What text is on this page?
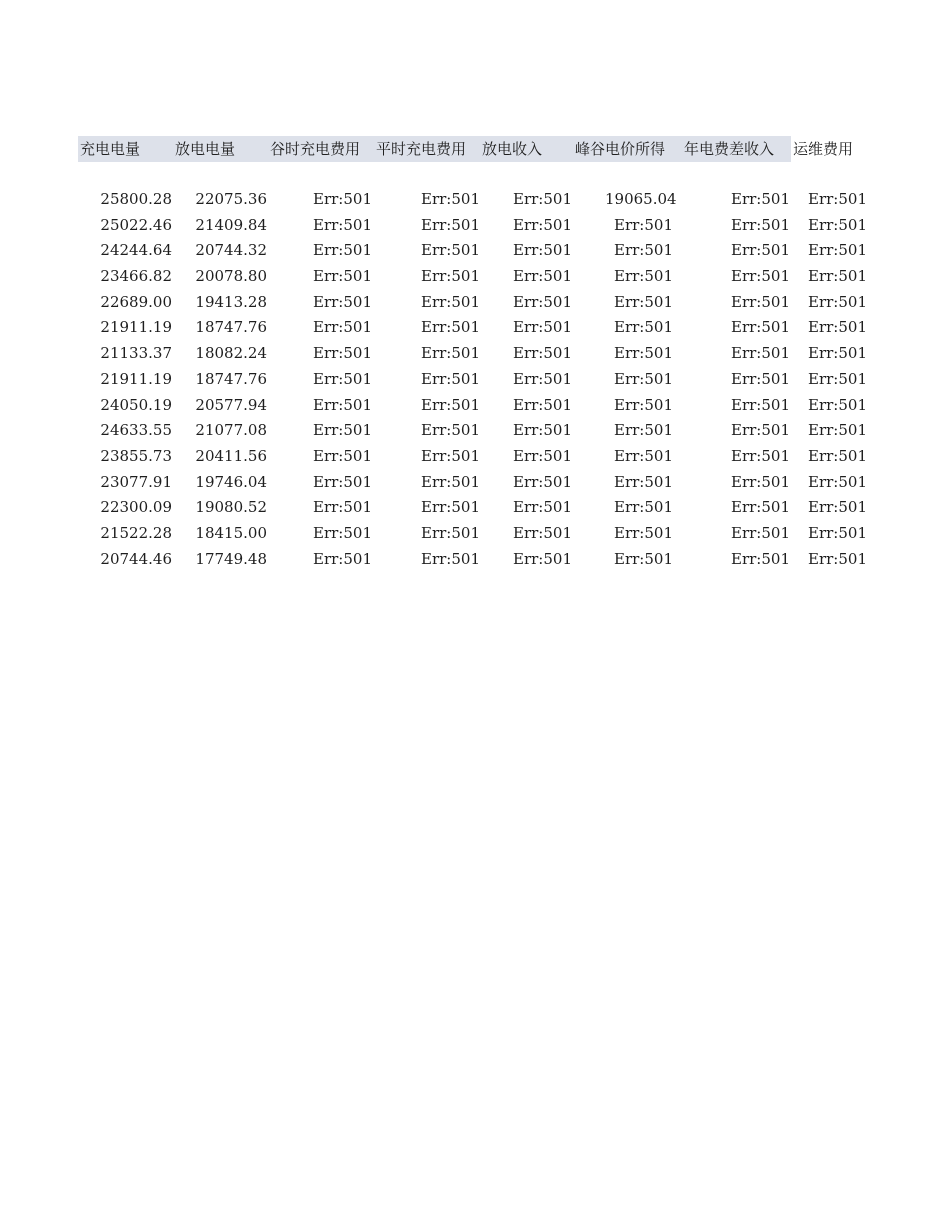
充电电量 放电电量 谷时充电费用 平时充电费用 放电收入 峰谷电价所得 年电费差收入 运维费用
25800.28	22075.36	Err:501	Err:501	Err:501 19065.04	Err:501	Err:501
25022.46	21409.84	Err:501	Err:501	Err:501	Err:501	Err:501	Err:501
24244.64	20744.32	Err:501	Err:501	Err:501	Err:501	Err:501	Err:501
23466.82	20078.80	Err:501	Err:501	Err:501	Err:501	Err:501	Err:501
22689.00	19413.28	Err:501	Err:501	Err:501	Err:501	Err:501	Err:501
21911.19	18747.76	Err:501	Err:501	Err:501	Err:501	Err:501	Err:501
21133.37	18082.24	Err:501	Err:501	Err:501	Err:501	Err:501	Err:501
21911.19	18747.76	Err:501	Err:501	Err:501	Err:501	Err:501	Err:501
24050.19	20577.94	Err:501	Err:501	Err:501	Err:501	Err:501	Err:501
24633.55	21077.08	Err:501	Err:501	Err:501	Err:501	Err:501	Err:501
23855.73	20411.56	Err:501	Err:501	Err:501	Err:501	Err:501	Err:501
23077.91	19746.04	Err:501	Err:501	Err:501	Err:501	Err:501	Err:501
22300.09	19080.52	Err:501	Err:501	Err:501	Err:501	Err:501	Err:501
21522.28	18415.00	Err:501	Err:501	Err:501	Err:501	Err:501	Err:501
20744.46	17749.48	Err:501	Err:501	Err:501	Err:501	Err:501	Err:501
